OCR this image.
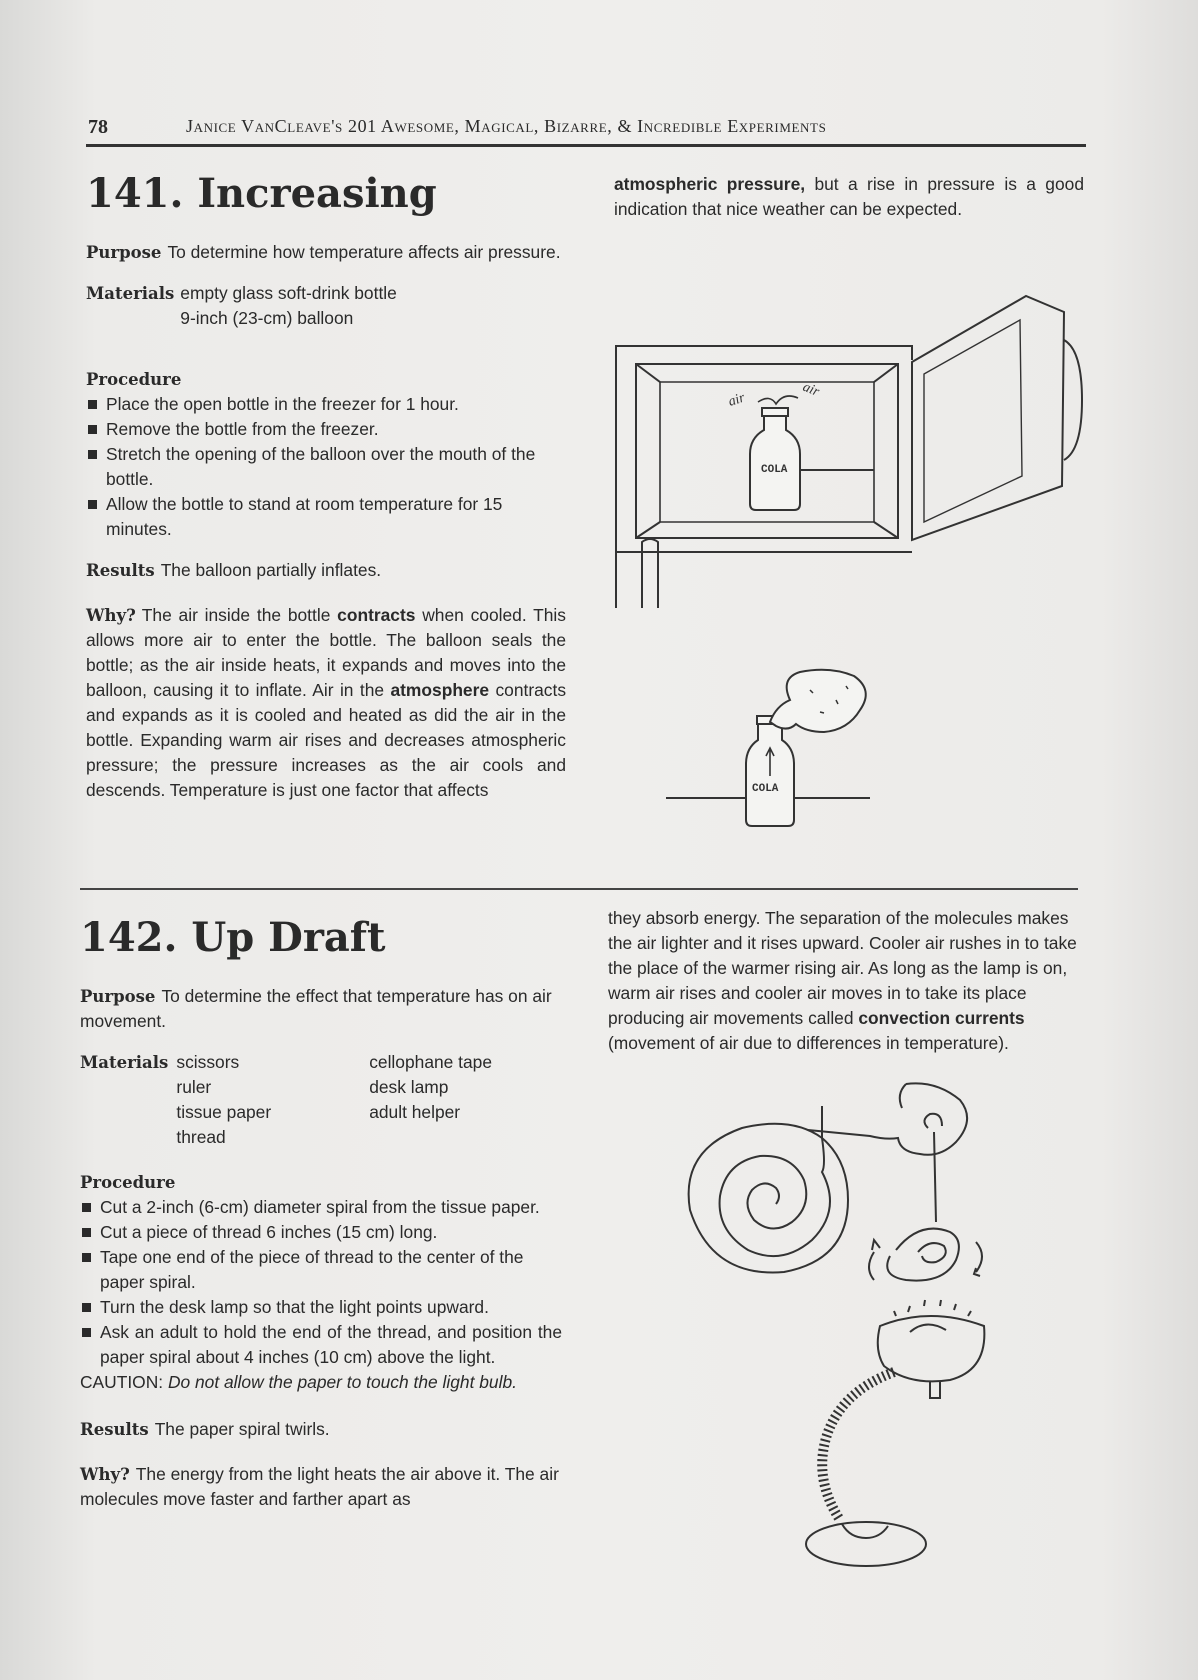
78	Janice VanCleave's 201 Awesome, Magical, Bizarre, & Incredible Experiments
141. Increasing

Purpose To determine how temperature affects air pressure.

Materials empty glass soft-drink bottle
9-inch (23-cm) balloon
Procedure
Place the open bottle in the freezer for 1 hour.
Remove the bottle from the freezer.
Stretch the opening of the balloon over the mouth of the bottle.
Allow the bottle to stand at room temperature for 15 minutes.

Results The balloon partially inflates.

Why? The air inside the bottle contracts when cooled. This allows more air to enter the bottle. The balloon seals the bottle; as the air inside heats, it expands and moves into the balloon, causing it to inflate. Air in the atmosphere contracts and expands as it is cooled and heated as did the air in the bottle. Expanding warm air rises and decreases atmospheric pressure; the pressure increases as the air cools and descends. Temperature is just one factor that affects

atmospheric pressure, but a rise in pressure is a good indication that nice weather can be expected.

COLA
air
air
COLA
142. Up Draft

Purpose To determine the effect that temperature has on air movement.

Materials scissors
ruler
tissue paper
thread
cellophane tape
desk lamp
adult helper
Procedure
Cut a 2-inch (6-cm) diameter spiral from the tissue paper.
Cut a piece of thread 6 inches (15 cm) long.
Tape one end of the piece of thread to the center of the paper spiral.
Turn the desk lamp so that the light points upward.
Ask an adult to hold the end of the thread, and position the paper spiral about 4 inches (10 cm) above the light.

CAUTION: Do not allow the paper to touch the light bulb.

Results The paper spiral twirls.

Why? The energy from the light heats the air above it. The air molecules move faster and farther apart as

they absorb energy. The separation of the molecules makes the air lighter and it rises upward. Cooler air rushes in to take the place of the warmer rising air. As long as the lamp is on, warm air rises and cooler air moves in to take its place producing air movements called convection currents (movement of air due to differences in temperature).
